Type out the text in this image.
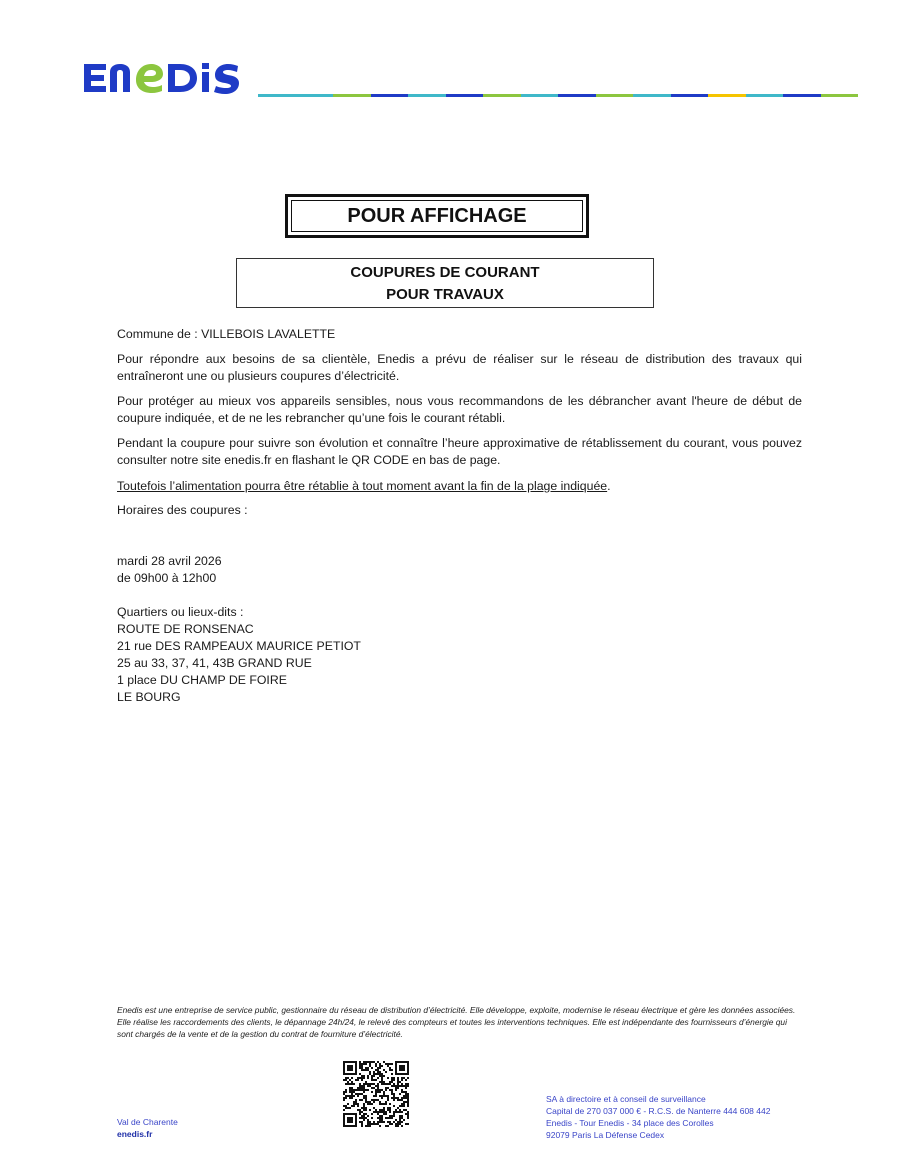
POUR AFFICHAGE
COUPURES DE COURANT
POUR TRAVAUX
Commune de : VILLEBOIS LAVALETTE
Pour répondre aux besoins de sa clientèle, Enedis a prévu de réaliser sur le réseau de distribution des travaux qui entraîneront une ou plusieurs coupures d’électricité.
Pour protéger au mieux vos appareils sensibles, nous vous recommandons de les débrancher avant l'heure de début de coupure indiquée, et de ne les rebrancher qu’une fois le courant rétabli.
Pendant la coupure pour suivre son évolution et connaître l’heure approximative de rétablissement du courant, vous pouvez consulter notre site enedis.fr en flashant le QR CODE en bas de page.
Toutefois l’alimentation pourra être rétablie à tout moment avant la fin de la plage indiquée.
Horaires des coupures :
mardi 28 avril 2026
de 09h00 à 12h00
Quartiers ou lieux-dits :
ROUTE DE RONSENAC
21 rue DES RAMPEAUX MAURICE PETIOT
25 au 33, 37, 41, 43B GRAND RUE
1 place DU CHAMP DE FOIRE
LE BOURG
Enedis est une entreprise de service public, gestionnaire du réseau de distribution d’électricité. Elle développe, exploite, modernise le réseau électrique et gère les données associées. Elle réalise les raccordements des clients, le dépannage 24h/24, le relevé des compteurs et toutes les interventions techniques. Elle est indépendante des fournisseurs d’énergie qui sont chargés de la vente et de la gestion du contrat de fourniture d’électricité.
Val de Charente
enedis.fr
SA à directoire et à conseil de surveillance
Capital de 270 037 000 € - R.C.S. de Nanterre 444 608 442
Enedis - Tour Enedis - 34 place des Corolles
92079 Paris La Défense Cedex
